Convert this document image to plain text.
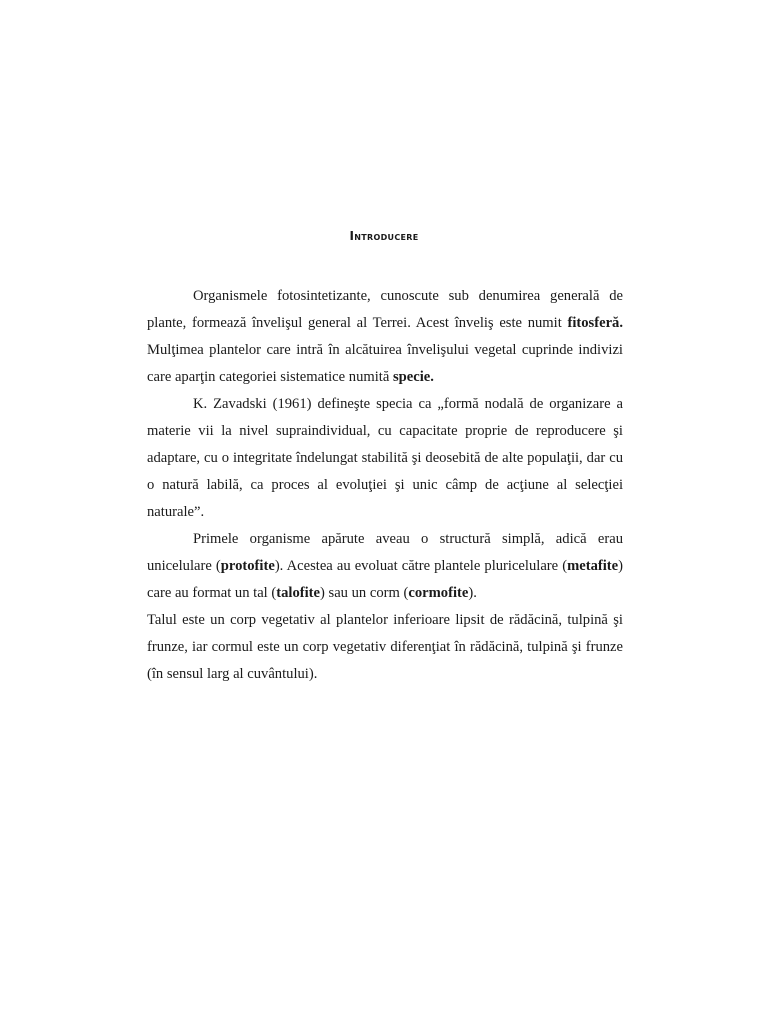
Introducere

Organismele fotosintetizante, cunoscute sub denumirea generală de plante, formează învelişul general al Terrei. Acest înveliş este numit fitosferă. Mulţimea plantelor care intră în alcătuirea învelişului vegetal cuprinde indivizi care aparţin categoriei sistematice numită specie.

K. Zavadski (1961) defineşte specia ca „formă nodală de organizare a materie vii la nivel supraindividual, cu capacitate proprie de reproducere şi adaptare, cu o integritate îndelungat stabilită şi deosebită de alte populaţii, dar cu o natură labilă, ca proces al evoluţiei şi unic câmp de acţiune al selecţiei naturale”.

Primele organisme apărute aveau o structură simplă, adică erau unicelulare (protofite). Acestea au evoluat către plantele pluricelulare (metafite) care au format un tal (talofite) sau un corm (cormofite).

Talul este un corp vegetativ al plantelor inferioare lipsit de rădăcină, tulpină şi frunze, iar cormul este un corp vegetativ diferenţiat în rădăcină, tulpină şi frunze (în sensul larg al cuvântului).
